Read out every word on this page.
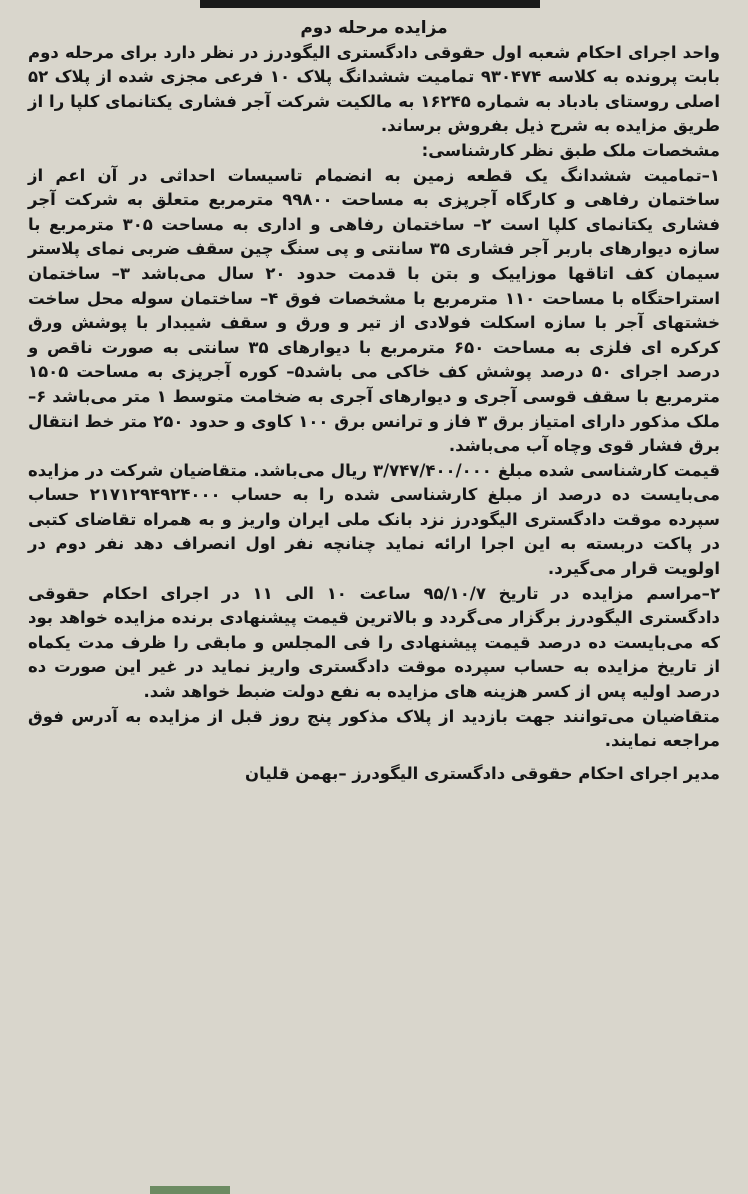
مزایده مرحله دوم

واحد اجرای احکام شعبه اول حقوقی دادگستری الیگودرز در نظر دارد برای مرحله دوم بابت پرونده به کلاسه ۹۳۰۴۷۴ تمامیت ششدانگ پلاک ۱۰ فرعی مجزی شده از پلاک ۵۲ اصلی روستای بادباد به شماره ۱۶۲۴۵ به مالکیت شرکت آجر فشاری یکتانمای کلپا را از طریق مزایده به شرح ذیل بفروش برساند.

مشخصات ملک طبق نظر کارشناسی:

۱–تمامیت ششدانگ یک قطعه زمین به انضمام تاسیسات احداثی در آن اعم از ساختمان رفاهی و کارگاه آجرپزی به مساحت ۹۹۸۰۰ مترمربع متعلق به شرکت آجر فشاری یکتانمای کلپا است ۲– ساختمان رفاهی و اداری به مساحت ۳۰۵ مترمربع با سازه دیوارهای باربر آجر فشاری ۳۵ سانتی و پی سنگ چین سقف ضربی نمای پلاستر سیمان کف اتاقها موزاییک و بتن با قدمت حدود ۲۰ سال می‌باشد ۳– ساختمان استراحتگاه با مساحت ۱۱۰ مترمربع با مشخصات فوق ۴– ساختمان سوله محل ساخت خشتهای آجر با سازه اسکلت فولادی از تیر و ورق و سقف شیبدار با پوشش ورق کرکره ای فلزی به مساحت ۶۵۰ مترمربع با دیوارهای ۳۵ سانتی به صورت ناقص و درصد اجرای ۵۰ درصد پوشش کف خاکی می باشد۵– کوره آجرپزی به مساحت ۱۵۰۵ مترمربع با سقف قوسی آجری و دیوارهای آجری به ضخامت متوسط ۱ متر می‌باشد ۶– ملک مذکور دارای امتیاز برق ۳ فاز و ترانس برق ۱۰۰ کاوی و حدود ۲۵۰ متر خط انتقال برق فشار قوی وچاه آب می‌باشد.

قیمت کارشناسی شده مبلغ ۳/۷۴۷/۴۰۰/۰۰۰ ریال می‌باشد. متقاضیان شرکت در مزایده می‌بایست ده درصد از مبلغ کارشناسی شده را به حساب ۲۱۷۱۲۹۴۹۲۴۰۰۰ حساب سپرده موقت دادگستری الیگودرز نزد بانک ملی ایران واریز و به همراه تقاضای کتبی در پاکت دربسته به این اجرا ارائه نماید چنانچه نفر اول انصراف دهد نفر دوم در اولویت قرار می‌گیرد.

۲–مراسم مزایده در تاریخ ۹۵/۱۰/۷ ساعت ۱۰ الی ۱۱ در اجرای احکام حقوقی دادگستری الیگودرز برگزار می‌گردد و بالاترین قیمت پیشنهادی برنده مزایده خواهد بود که می‌بایست ده درصد قیمت پیشنهادی را فی المجلس و مابقی را ظرف مدت یکماه از تاریخ مزایده به حساب سپرده موقت دادگستری واریز نماید در غیر این صورت ده درصد اولیه پس از کسر هزینه های مزایده به نفع دولت ضبط خواهد شد.

متقاضیان می‌توانند جهت بازدید از پلاک مذکور پنج روز قبل از مزایده به آدرس فوق مراجعه نمایند.

مدیر اجرای احکام حقوقی دادگستری الیگودرز –بهمن قلیان
